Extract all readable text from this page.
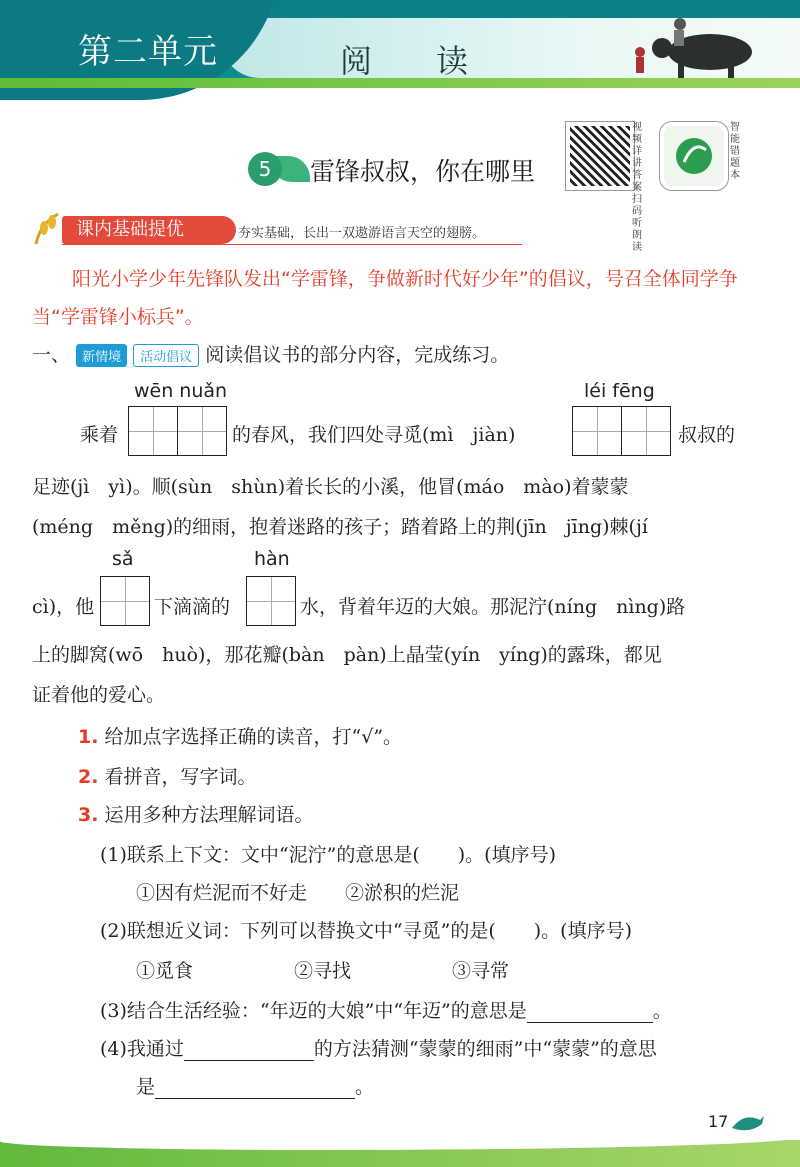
第二单元	阅读
5	雷锋叔叔，你在哪里
视频详讲答案 扫码听朗读
智能错题本
课内基础提优	夯实基础，长出一双遨游语言天空的翅膀。
阳光小学少年先锋队发出“学雷锋，争做新时代好少年”的倡议，号召全体同学争当“学雷锋小标兵”。
一、 新情境 活动倡议 阅读倡议书的部分内容，完成练习。
wēn nuǎn	léi fēng
乘着	的春风，我们四处寻觅(mì　jiàn)	叔叔的
足迹(jì　yì)。顺(sùn　shùn)着长长的小溪，他冒(máo　mào)着蒙蒙
(méng　měng)的细雨，抱着迷路的孩子；踏着路上的荆(jīn　jīng)棘(jí
sǎ	hàn
cì)，他	下滴滴的	水，背着年迈的大娘。那泥泞(níng　nìng)路
上的脚窝(wō　huò)，那花瓣(bàn　pàn)上晶莹(yín　yíng)的露珠，都见
证着他的爱心。
1. 给加点字选择正确的读音，打“√”。
2. 看拼音，写字词。
3. 运用多种方法理解词语。
(1)联系上下文：文中“泥泞”的意思是(　　)。(填序号)
①因有烂泥而不好走　　②淤积的烂泥
(2)联想近义词：下列可以替换文中“寻觅”的是(　　)。(填序号)
①觅食	②寻找	③寻常
(3)结合生活经验：“年迈的大娘”中“年迈”的意思是	。
(4)我通过	的方法猜测“蒙蒙的细雨”中“蒙蒙”的意思
是	。
17
